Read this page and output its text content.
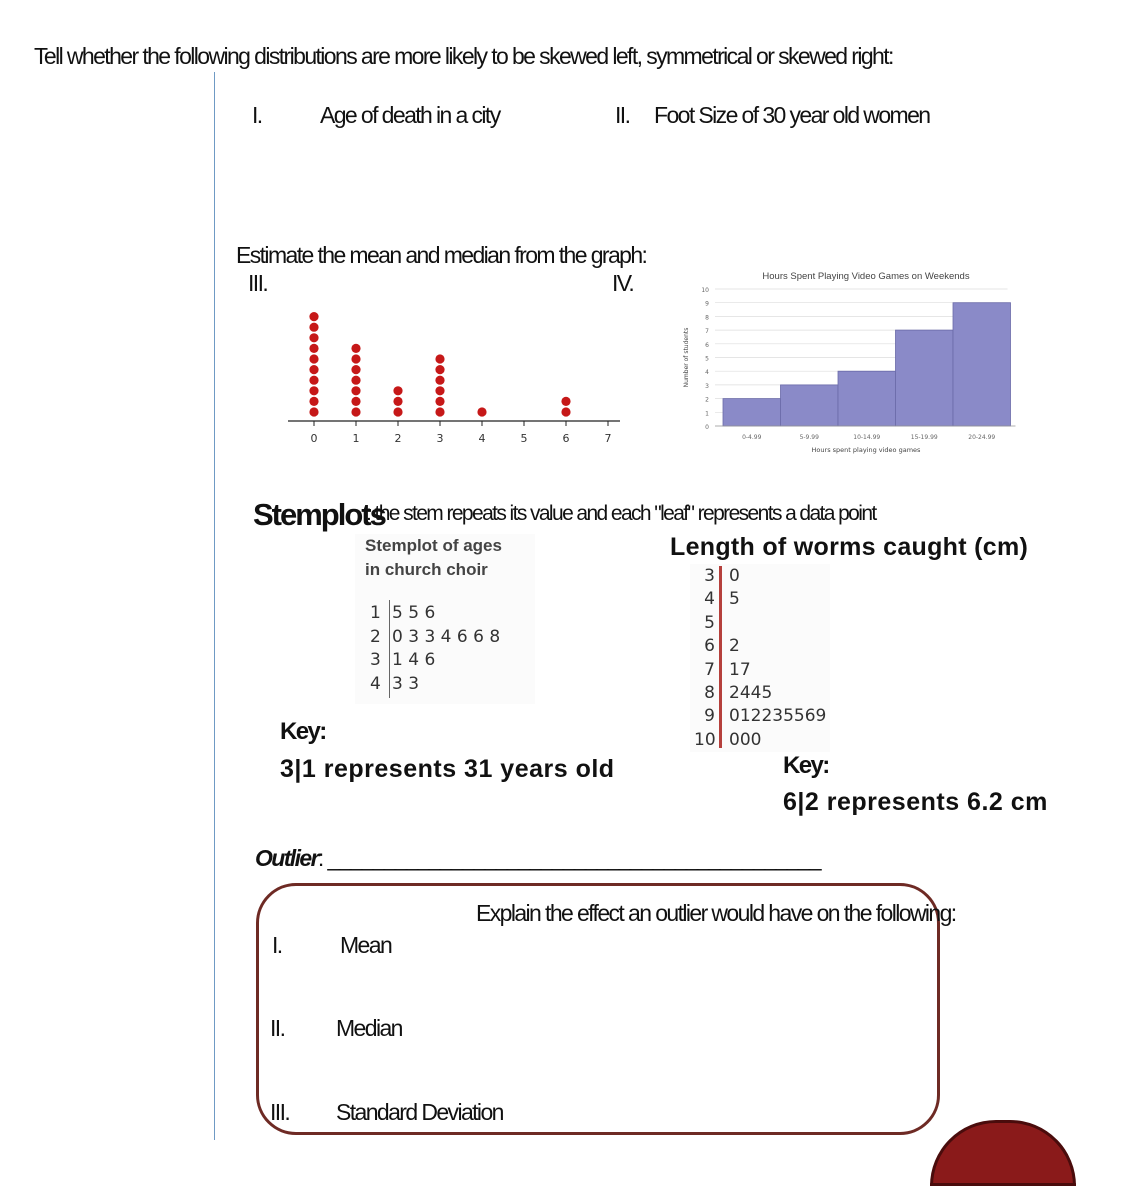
Tell whether the following distributions are more likely to be skewed left, symmetrical or skewed right:
I.	Age of death in a city	II. Foot Size of 30 year old women
Estimate the mean and median from the graph:
III.	IV.
0	1	2	3	4	5	6	7
Hours Spent Playing Video Games on Weekends
0
1
2
3
4
5
6
7
8
9
10
Number of students
0-4.99	5-9.99	10-14.99	15-19.99	20-24.99
Hours spent playing video games
Stemplots
: the stem repeats its value and each "leaf" represents a data point
Stemplot of ages
in church choir
1 5 5 6
2 0 3 3 4 6 6 8
3 1 4 6
4 3 3
Key:
3|1 represents 31 years old
Length of worms caught (cm)
3 0
4 5
5
6 2
7 17
8 2445
9 012235569
10 000
Key:
6|2 represents 6.2 cm
Outlier: ____________________________________________
Explain the effect an outlier would have on the following:
I.	Mean
II. Median
III. Standard Deviation
